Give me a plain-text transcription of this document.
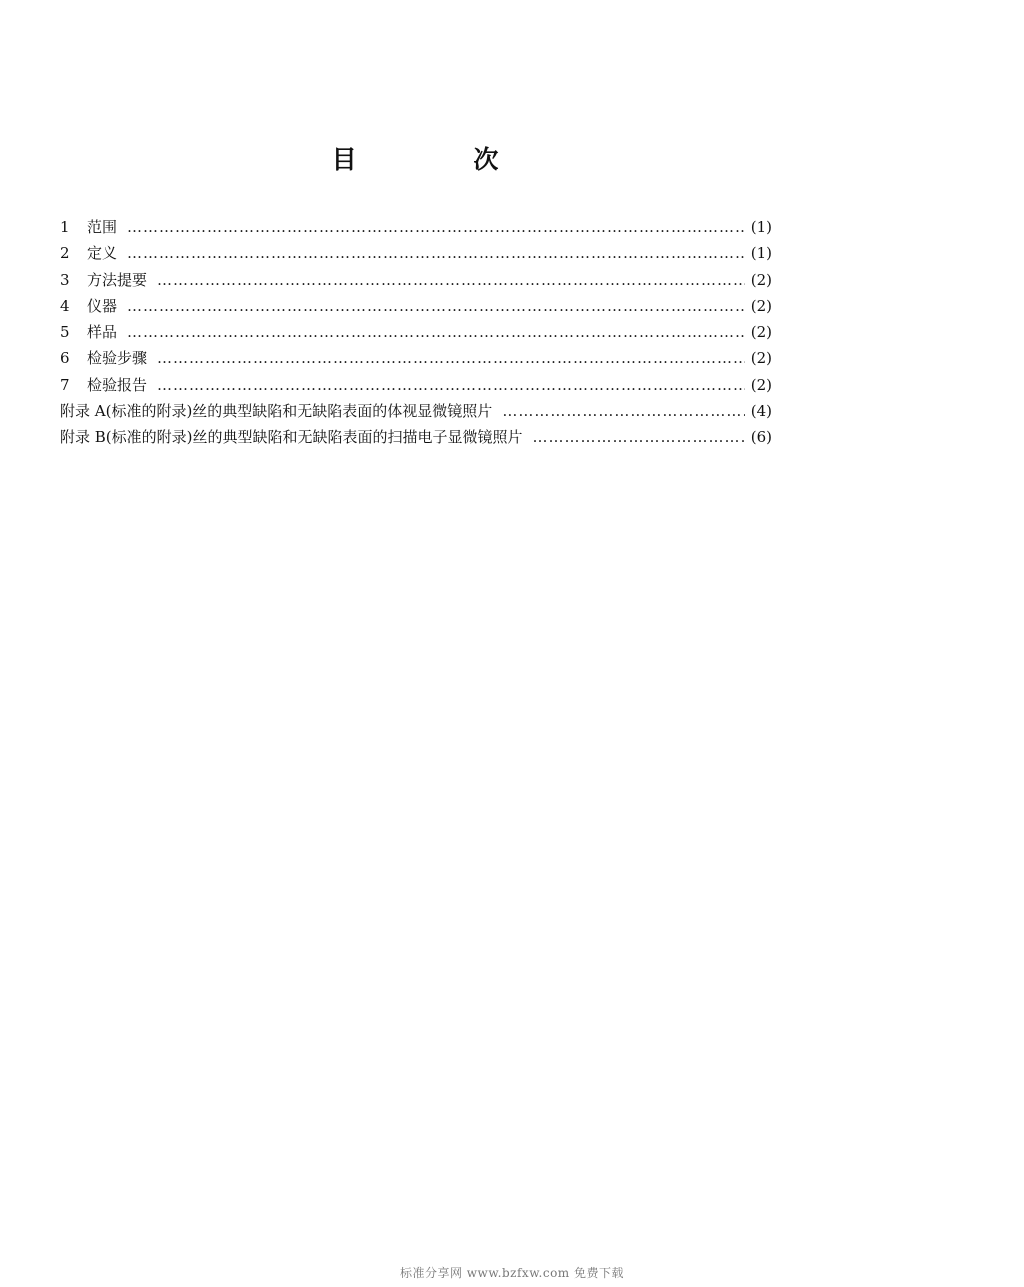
目 次
1	范围 ……………………………………………………………………………………………………………………………………………………………………………………………………	(1)
2	定义 ……………………………………………………………………………………………………………………………………………………………………………………………………	(1)
3	方法提要 ……………………………………………………………………………………………………………………………………………………………………………………………………	(2)
4	仪器 ……………………………………………………………………………………………………………………………………………………………………………………………………	(2)
5	样品 ……………………………………………………………………………………………………………………………………………………………………………………………………	(2)
6	检验步骤 ……………………………………………………………………………………………………………………………………………………………………………………………………	(2)
7	检验报告 ……………………………………………………………………………………………………………………………………………………………………………………………………	(2)
附录 A(标准的附录)丝的典型缺陷和无缺陷表面的体视显微镜照片 ……………………………………………………………………………………………………………………………………………………………………………………………………	(4)
附录 B(标准的附录)丝的典型缺陷和无缺陷表面的扫描电子显微镜照片 ……………………………………………………………………………………………………………………………………………………………………………………………………	(6)
标准分享网 www.bzfxw.com 免费下载
